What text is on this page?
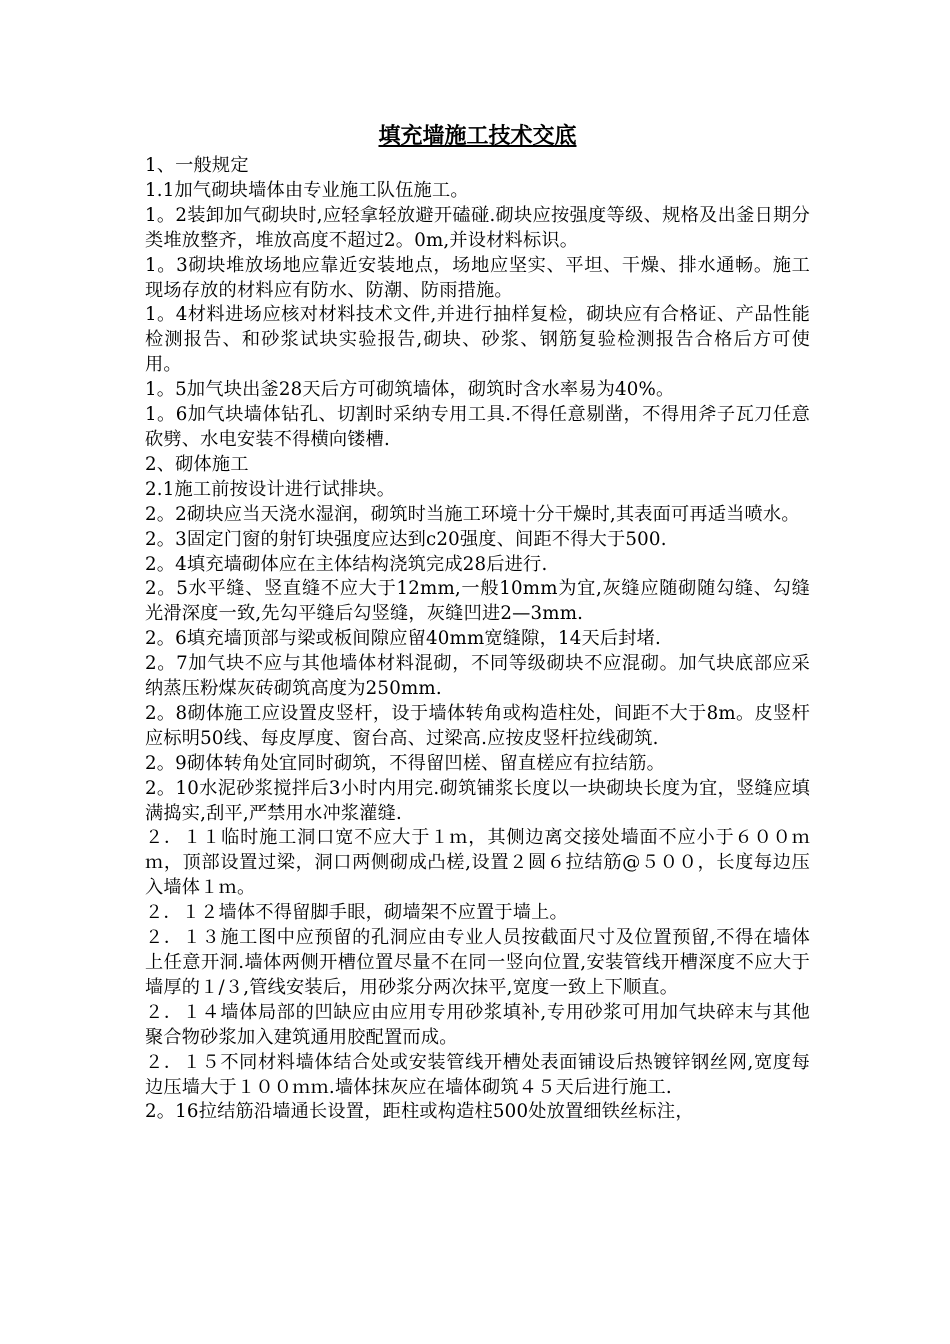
填充墙施工技术交底

1、一般规定

1.1加气砌块墙体由专业施工队伍施工。

1。2装卸加气砌块时,应轻拿轻放避开磕碰.砌块应按强度等级、规格及出釜日期分类堆放整齐，堆放高度不超过2。0m,并设材料标识。

1。3砌块堆放场地应靠近安装地点，场地应坚实、平坦、干燥、排水通畅。施工现场存放的材料应有防水、防潮、防雨措施。

1。4材料进场应核对材料技术文件,并进行抽样复检，砌块应有合格证、产品性能检测报告、和砂浆试块实验报告,砌块、砂浆、钢筋复验检测报告合格后方可使用。

1。5加气块出釜28天后方可砌筑墙体，砌筑时含水率易为40%。

1。6加气块墙体钻孔、切割时采纳专用工具.不得任意剔凿，不得用斧子瓦刀任意砍劈、水电安装不得横向镂槽.

2、砌体施工

2.1施工前按设计进行试排块。

2。2砌块应当天浇水湿润，砌筑时当施工环境十分干燥时,其表面可再适当喷水。

2。3固定门窗的射钉块强度应达到c20强度、间距不得大于500.

2。4填充墙砌体应在主体结构浇筑完成28后进行.

2。5水平缝、竖直缝不应大于12mm,一般10mm为宜,灰缝应随砌随勾缝、勾缝光滑深度一致,先勾平缝后勾竖缝，灰缝凹进2—3mm.

2。6填充墙顶部与梁或板间隙应留40mm宽缝隙，14天后封堵.

2。7加气块不应与其他墙体材料混砌，不同等级砌块不应混砌。加气块底部应采纳蒸压粉煤灰砖砌筑高度为250mm.

2。8砌体施工应设置皮竖杆，设于墙体转角或构造柱处，间距不大于8m。皮竖杆应标明50线、每皮厚度、窗台高、过梁高.应按皮竖杆拉线砌筑.

2。9砌体转角处宜同时砌筑，不得留凹槎、留直槎应有拉结筋。

2。10水泥砂浆搅拌后3小时内用完.砌筑铺浆长度以一块砌块长度为宜，竖缝应填满捣实,刮平,严禁用水冲浆灌缝.

２．１１临时施工洞口宽不应大于１ｍ，其侧边离交接处墙面不应小于６００ｍｍ，顶部设置过梁，洞口两侧砌成凸槎,设置２圆６拉结筋@５００，长度每边压入墙体１ｍ。

２．１２墙体不得留脚手眼，砌墙架不应置于墙上。

２．１３施工图中应预留的孔洞应由专业人员按截面尺寸及位置预留,不得在墙体上任意开洞.墙体两侧开槽位置尽量不在同一竖向位置,安装管线开槽深度不应大于墙厚的１/３,管线安装后，用砂浆分两次抹平,宽度一致上下顺直。

２．１４墙体局部的凹缺应由应用专用砂浆填补,专用砂浆可用加气块碎末与其他聚合物砂浆加入建筑通用胶配置而成。

２．１５不同材料墙体结合处或安装管线开槽处表面铺设后热镀锌钢丝网,宽度每边压墙大于１００ｍｍ.墙体抹灰应在墙体砌筑４５天后进行施工.

2。16拉结筋沿墙通长设置，距柱或构造柱500处放置细铁丝标注，
